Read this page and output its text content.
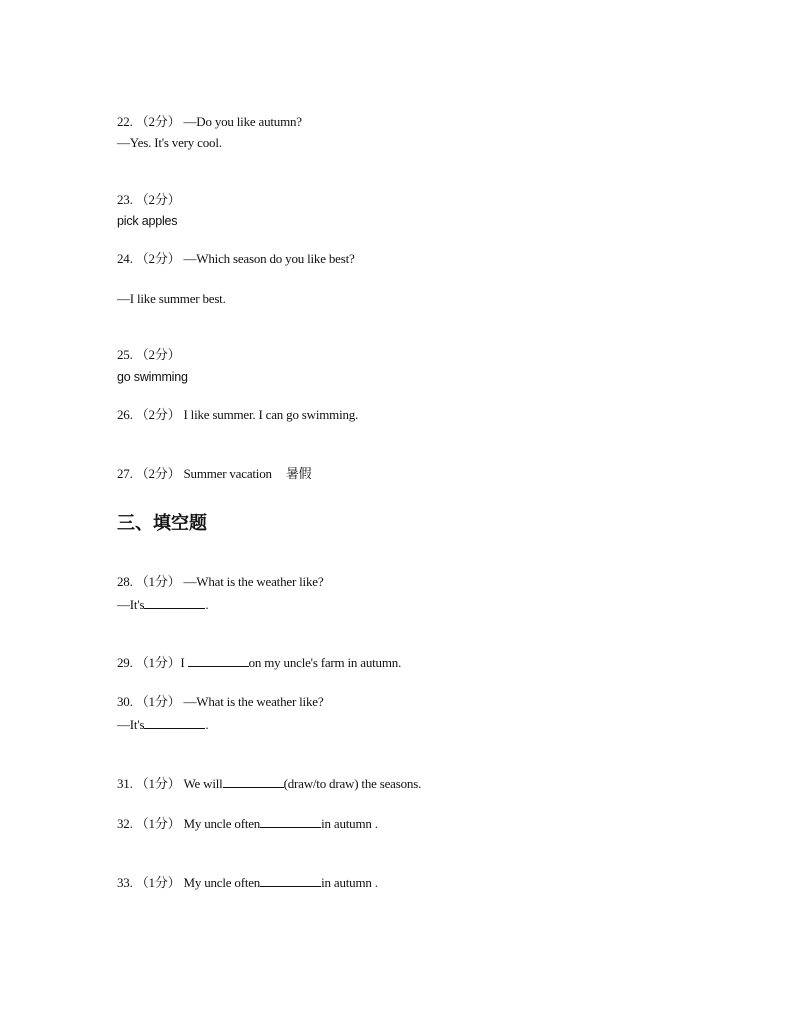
22. （2分） —Do you like autumn?
—Yes. It's very cool.
23. （2分）
pick apples
24. （2分） —Which season do you like best?
—I like summer best.
25. （2分）
go swimming
26. （2分） I like summer. I can go swimming.
27. （2分） Summer vacation 暑假
三、填空题
28. （1分） —What is the weather like?
—It's	.
29. （1分）I	on my uncle's farm in autumn.
30. （1分） —What is the weather like?
—It's	.
31. （1分） We will	(draw/to draw) the seasons.
32. （1分） My uncle often	in autumn .
33. （1分） My uncle often	in autumn .
